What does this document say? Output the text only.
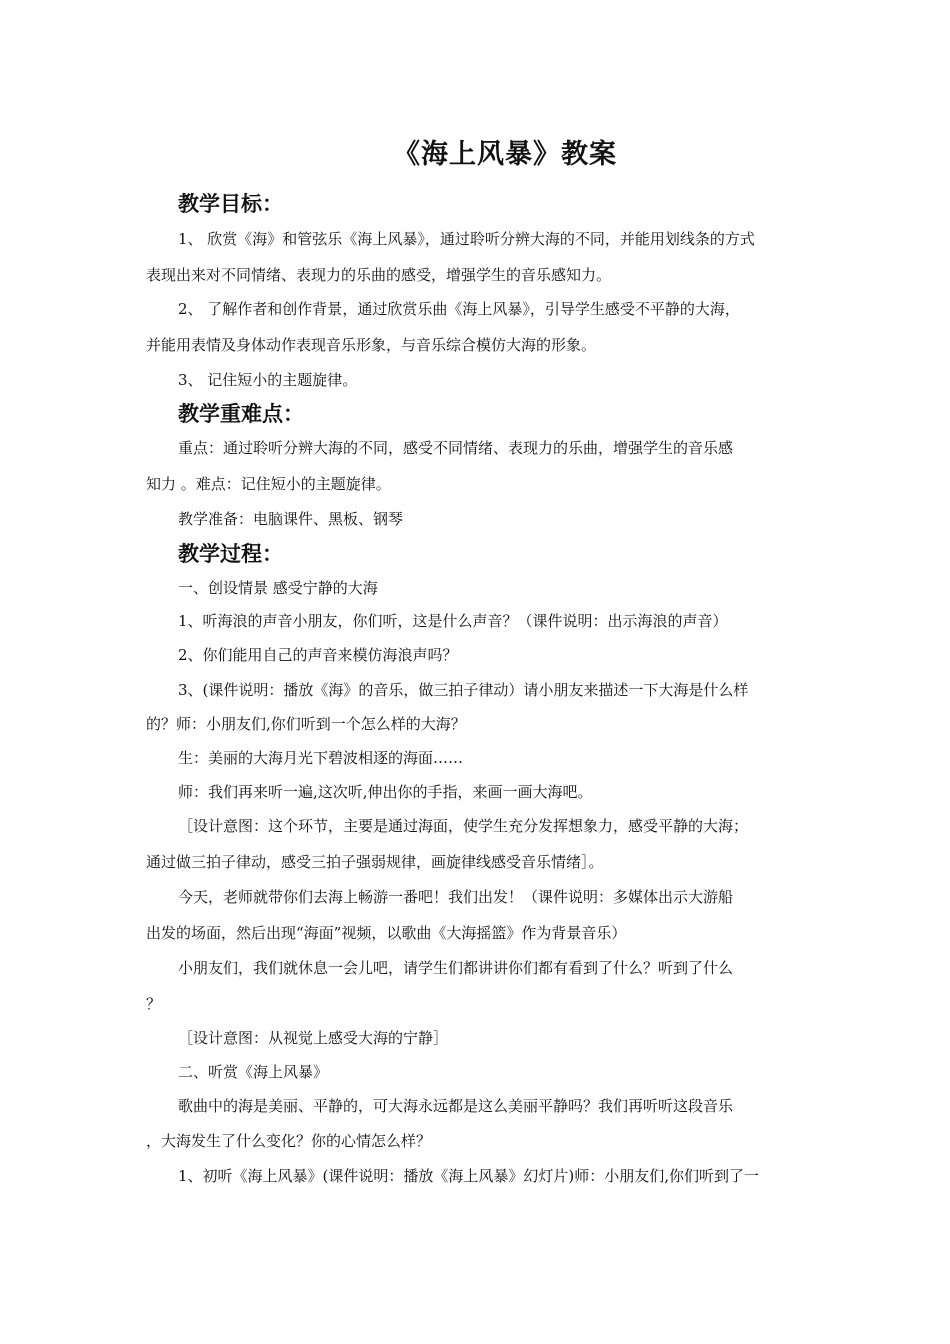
《海上风暴》教案
教学目标：
1、 欣赏《海》和管弦乐《海上风暴》，通过聆听分辨大海的不同，并能用划线条的方式
表现出来对不同情绪、表现力的乐曲的感受，增强学生的音乐感知力。
2、 了解作者和创作背景，通过欣赏乐曲《海上风暴》，引导学生感受不平静的大海，
并能用表情及身体动作表现音乐形象，与音乐综合模仿大海的形象。
3、 记住短小的主题旋律。
教学重难点：
重点：通过聆听分辨大海的不同，感受不同情绪、表现力的乐曲，增强学生的音乐感
知力 。难点：记住短小的主题旋律。
教学准备：电脑课件、黑板、钢琴
教学过程：
一、创设情景 感受宁静的大海
1、听海浪的声音小朋友，你们听，这是什么声音？（课件说明：出示海浪的声音）
2、你们能用自己的声音来模仿海浪声吗？
3、(课件说明：播放《海》的音乐，做三拍子律动）请小朋友来描述一下大海是什么样
的？师：小朋友们,你们听到一个怎么样的大海？
生：美丽的大海月光下碧波相逐的海面……
师：我们再来听一遍,这次听,伸出你的手指，来画一画大海吧。
［设计意图：这个环节，主要是通过海面，使学生充分发挥想象力，感受平静的大海；
通过做三拍子律动，感受三拍子强弱规律，画旋律线感受音乐情绪］。
今天，老师就带你们去海上畅游一番吧！我们出发！（课件说明：多媒体出示大游船
出发的场面，然后出现“海面”视频，以歌曲《大海摇篮》作为背景音乐）
小朋友们，我们就休息一会儿吧，请学生们都讲讲你们都有看到了什么？听到了什么
？
［设计意图：从视觉上感受大海的宁静］
二、听赏《海上风暴》
歌曲中的海是美丽、平静的，可大海永远都是这么美丽平静吗？我们再听听这段音乐
，大海发生了什么变化？你的心情怎么样？
1、初听《海上风暴》(课件说明：播放《海上风暴》幻灯片)师：小朋友们,你们听到了一
